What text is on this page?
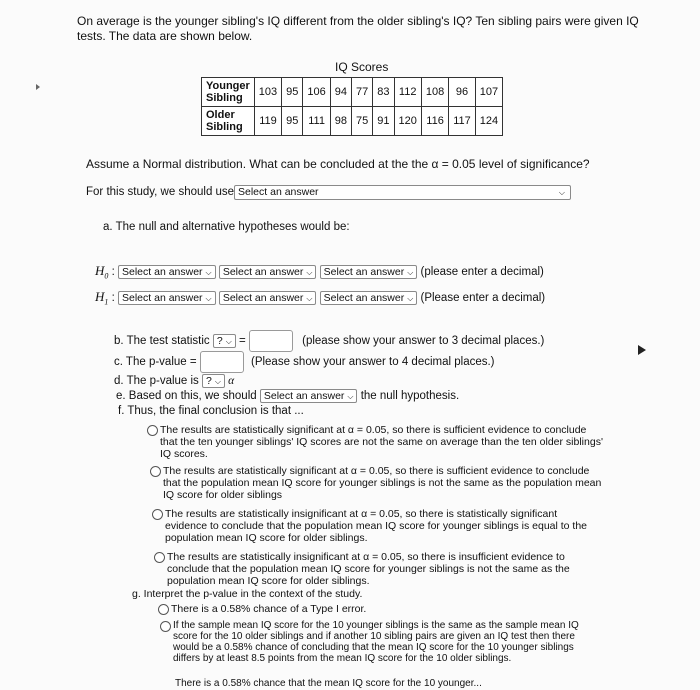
On average is the younger sibling's IQ different from the older sibling's IQ? Ten sibling pairs were given IQ
tests. The data are shown below.
IQ Scores
Younger
Sibling	103	95	106	94	77	83	112	108	96	107
Older
Sibling	119	95	111	98	75	91	120	116	117	124
Assume a Normal distribution. What can be concluded at the the α = 0.05 level of significance?
For this study, we should use Select an answer	⌵
a. The null and alternative hypotheses would be:
$H_0$ : Select an answer ⌵ Select an answer ⌵ Select an answer ⌵ (please enter a decimal)
$H_1$ : Select an answer ⌵ Select an answer ⌵ Select an answer ⌵ (Please enter a decimal)
b. The test statistic ? ⌵ =	(please show your answer to 3 decimal places.)
c. The p-value =	(Please show your answer to 4 decimal places.)
d. The p-value is ? ⌵ α
e. Based on this, we should Select an answer ⌵ the null hypothesis.
f. Thus, the final conclusion is that ...
The results are statistically significant at α = 0.05, so there is sufficient evidence to conclude
that the ten younger siblings' IQ scores are not the same on average than the ten older siblings'
IQ scores.
The results are statistically significant at α = 0.05, so there is sufficient evidence to conclude
that the population mean IQ score for younger siblings is not the same as the population mean
IQ score for older siblings
The results are statistically insignificant at α = 0.05, so there is statistically significant
evidence to conclude that the population mean IQ score for younger siblings is equal to the
population mean IQ score for older siblings.
The results are statistically insignificant at α = 0.05, so there is insufficient evidence to
conclude that the population mean IQ score for younger siblings is not the same as the
population mean IQ score for older siblings.
g. Interpret the p-value in the context of the study.
There is a 0.58% chance of a Type I error.
If the sample mean IQ score for the 10 younger siblings is the same as the sample mean IQ
score for the 10 older siblings and if another 10 sibling pairs are given an IQ test then there
would be a 0.58% chance of concluding that the mean IQ score for the 10 younger siblings
differs by at least 8.5 points from the mean IQ score for the 10 older siblings.
There is a 0.58% chance that the mean IQ score for the 10 younger...
